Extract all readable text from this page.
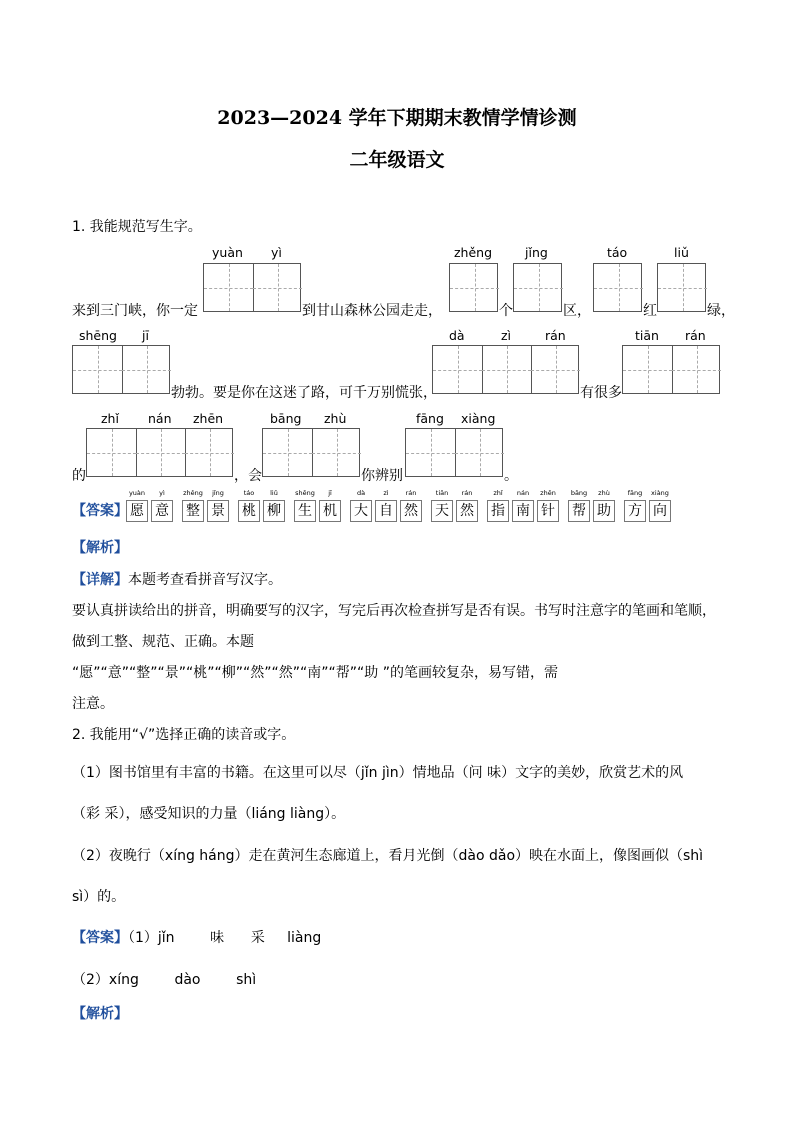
2023—2024 学年下期期末教情学情诊测
二年级语文
1. 我能规范写生字。
yuàn yì	zhěng	jǐng	táo	liǔ
来到三门峡，你一定	到甘山森林公园走走，	个	区，	红	绿，
shēng jī	dà	zì	rán	tiān rán
勃勃。要是你在这迷了路，可千万别慌张，	有很多
zhǐ nán zhēn	bāng zhù	fāng xiàng
的	，会	你辨别	。
【答案】
yuàn
愿
yì
意
zhěng
整
jǐng
景
táo
桃
liǔ
柳
shēng
生
jī
机
dà
大
zì
自
rán
然
tiān
天
rán
然
zhǐ
指
nán
南
zhēn
针
bāng
帮
zhù
助
fāng
方
xiàng
向
【解析】
【详解】本题考查看拼音写汉字。
要认真拼读给出的拼音，明确要写的汉字，写完后再次检查拼写是否有误。书写时注意字的笔画和笔顺，
做到工整、规范、正确。本题
“愿”“意”“整”“景”“桃”“柳”“然”“然”“南”“帮”“助 ”的笔画较复杂，易写错，需
注意。
2. 我能用“√”选择正确的读音或字。
（1）图书馆里有丰富的书籍。在这里可以尽（jǐn jìn）情地品（问 味）文字的美妙，欣赏艺术的风
（彩 采），感受知识的力量（liáng liàng）。
（2）夜晚行（xíng háng）走在黄河生态廊道上，看月光倒（dào dǎo）映在水面上，像图画似（shì
sì）的。
【答案】（1）jǐn        味      采     liàng
（2）xíng        dào        shì
【解析】
